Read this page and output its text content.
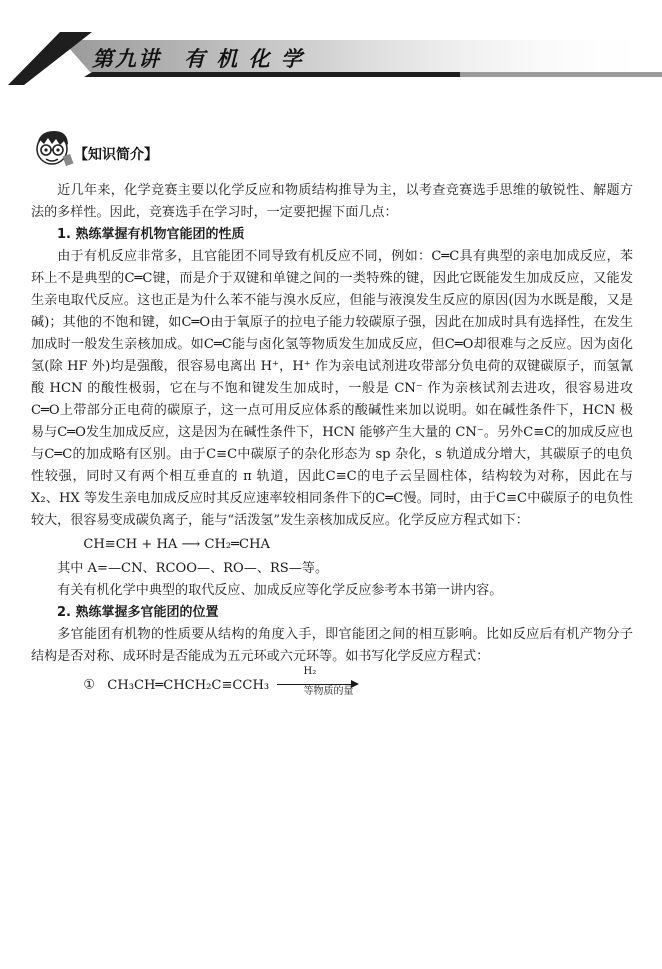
第九讲　有 机 化 学
【知识简介】

近几年来，化学竞赛主要以化学反应和物质结构推导为主，以考查竞赛选手思维的敏锐性、解题方法的多样性。因此，竞赛选手在学习时，一定要把握下面几点：

1. 熟练掌握有机物官能团的性质

由于有机反应非常多，且官能团不同导致有机反应不同，例如：C═C具有典型的亲电加成反应，苯环上不是典型的C═C键，而是介于双键和单键之间的一类特殊的键，因此它既能发生加成反应，又能发生亲电取代反应。这也正是为什么苯不能与溴水反应，但能与液溴发生反应的原因(因为水既是酸，又是碱)；其他的不饱和键，如C═O由于氧原子的拉电子能力较碳原子强，因此在加成时具有选择性，在发生加成时一般发生亲核加成。如C═C能与卤化氢等物质发生加成反应，但C═O却很难与之反应。因为卤化氢(除 HF 外)均是强酸，很容易电离出 H⁺，H⁺ 作为亲电试剂进攻带部分负电荷的双键碳原子，而氢氰酸 HCN 的酸性极弱，它在与不饱和键发生加成时，一般是 CN⁻ 作为亲核试剂去进攻，很容易进攻C═O上带部分正电荷的碳原子，这一点可用反应体系的酸碱性来加以说明。如在碱性条件下，HCN 极易与C═O发生加成反应，这是因为在碱性条件下，HCN 能够产生大量的 CN⁻。另外C≡C的加成反应也与C═C的加成略有区别。由于C≡C中碳原子的杂化形态为 sp 杂化，s 轨道成分增大，其碳原子的电负性较强，同时又有两个相互垂直的 π 轨道，因此C≡C的电子云呈圆柱体，结构较为对称，因此在与 X₂、HX 等发生亲电加成反应时其反应速率较相同条件下的C═C慢。同时，由于C≡C中碳原子的电负性较大，很容易变成碳负离子，能与“活泼氢”发生亲核加成反应。化学反应方程式如下：

CH≡CH + HA ⟶ CH₂═CHA

其中 A=—CN、RCOO—、RO—、RS—等。

有关有机化学中典型的取代反应、加成反应等化学反应参考本书第一讲内容。

2. 熟练掌握多官能团的位置

多官能团有机物的性质要从结构的角度入手，即官能团之间的相互影响。比如反应后有机产物分子结构是否对称、成环时是否能成为五元环或六元环等。如书写化学反应方程式：

① CH₃CH═CHCH₂C≡CCH₃
H₂
等物质的量
